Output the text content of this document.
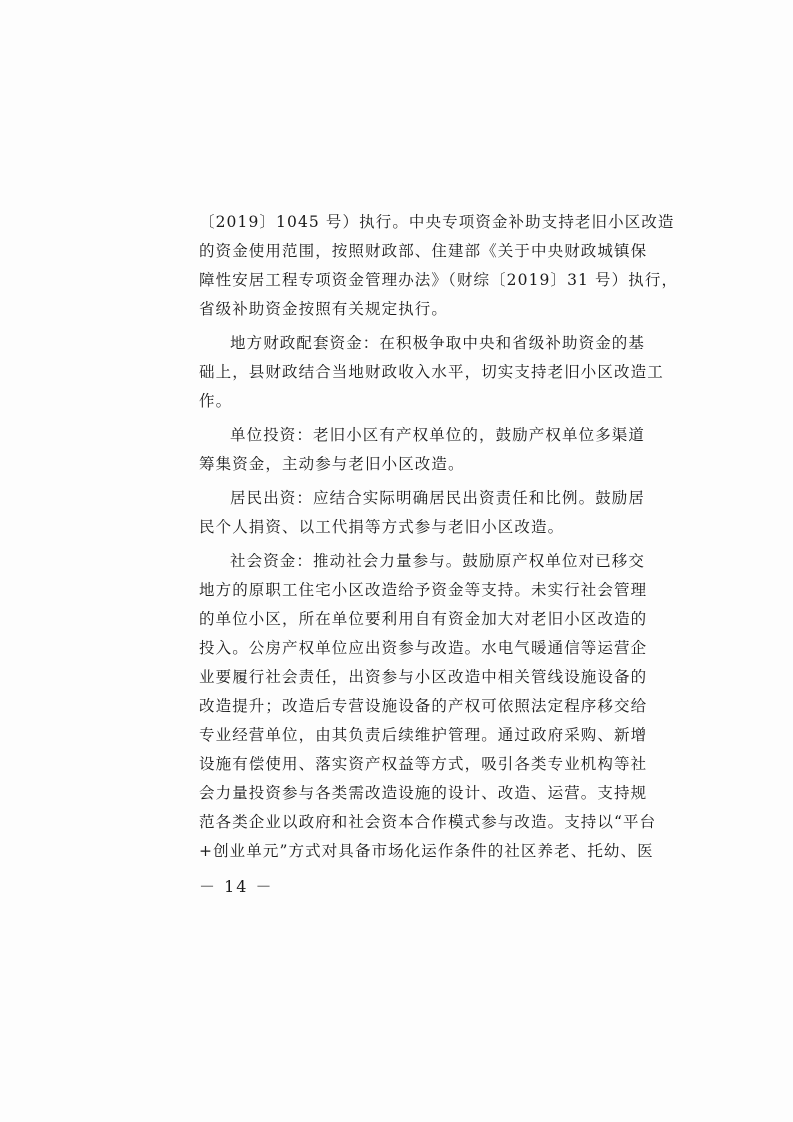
〔2019〕1045 号）执行。中央专项资金补助支持老旧小区改造
的资金使用范围，按照财政部、住建部《关于中央财政城镇保
障性安居工程专项资金管理办法》（财综〔2019〕31 号）执行，
省级补助资金按照有关规定执行。
地方财政配套资金：在积极争取中央和省级补助资金的基
础上，县财政结合当地财政收入水平，切实支持老旧小区改造工
作。
单位投资：老旧小区有产权单位的，鼓励产权单位多渠道
筹集资金，主动参与老旧小区改造。
居民出资：应结合实际明确居民出资责任和比例。鼓励居
民个人捐资、以工代捐等方式参与老旧小区改造。
社会资金：推动社会力量参与。鼓励原产权单位对已移交
地方的原职工住宅小区改造给予资金等支持。未实行社会管理
的单位小区，所在单位要利用自有资金加大对老旧小区改造的
投入。公房产权单位应出资参与改造。水电气暖通信等运营企
业要履行社会责任，出资参与小区改造中相关管线设施设备的
改造提升；改造后专营设施设备的产权可依照法定程序移交给
专业经营单位，由其负责后续维护管理。通过政府采购、新增
设施有偿使用、落实资产权益等方式，吸引各类专业机构等社
会力量投资参与各类需改造设施的设计、改造、运营。支持规
范各类企业以政府和社会资本合作模式参与改造。支持以“平台
+创业单元”方式对具备市场化运作条件的社区养老、托幼、医
－ 14 －
